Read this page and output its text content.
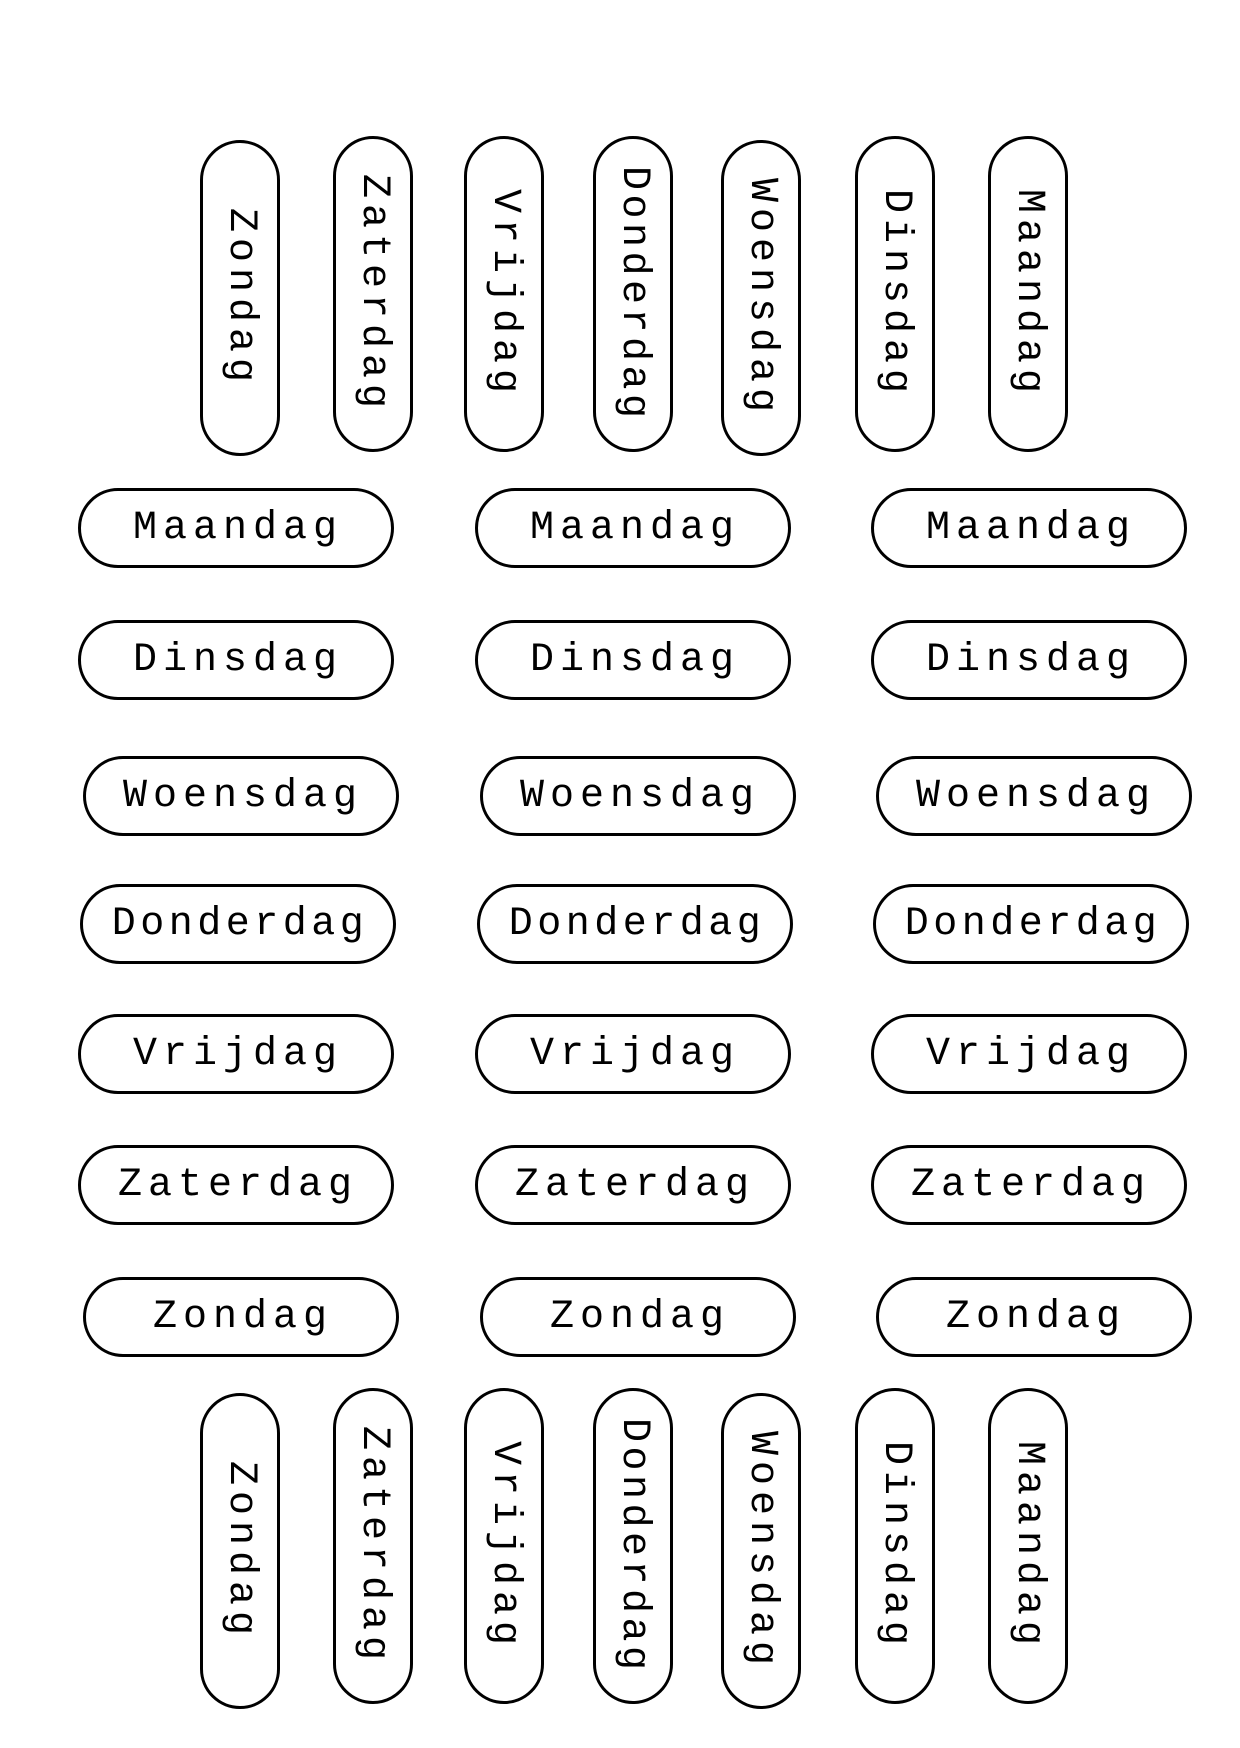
Zondag Zaterdag Vrijdag Donderdag Woensdag Dinsdag Maandag
Maandag	Maandag	Maandag
Dinsdag	Dinsdag	Dinsdag
Woensdag	Woensdag	Woensdag
Donderdag	Donderdag	Donderdag
Vrijdag	Vrijdag	Vrijdag
Zaterdag	Zaterdag	Zaterdag
Zondag	Zondag	Zondag
Zondag Zaterdag Vrijdag Donderdag Woensdag Dinsdag Maandag
